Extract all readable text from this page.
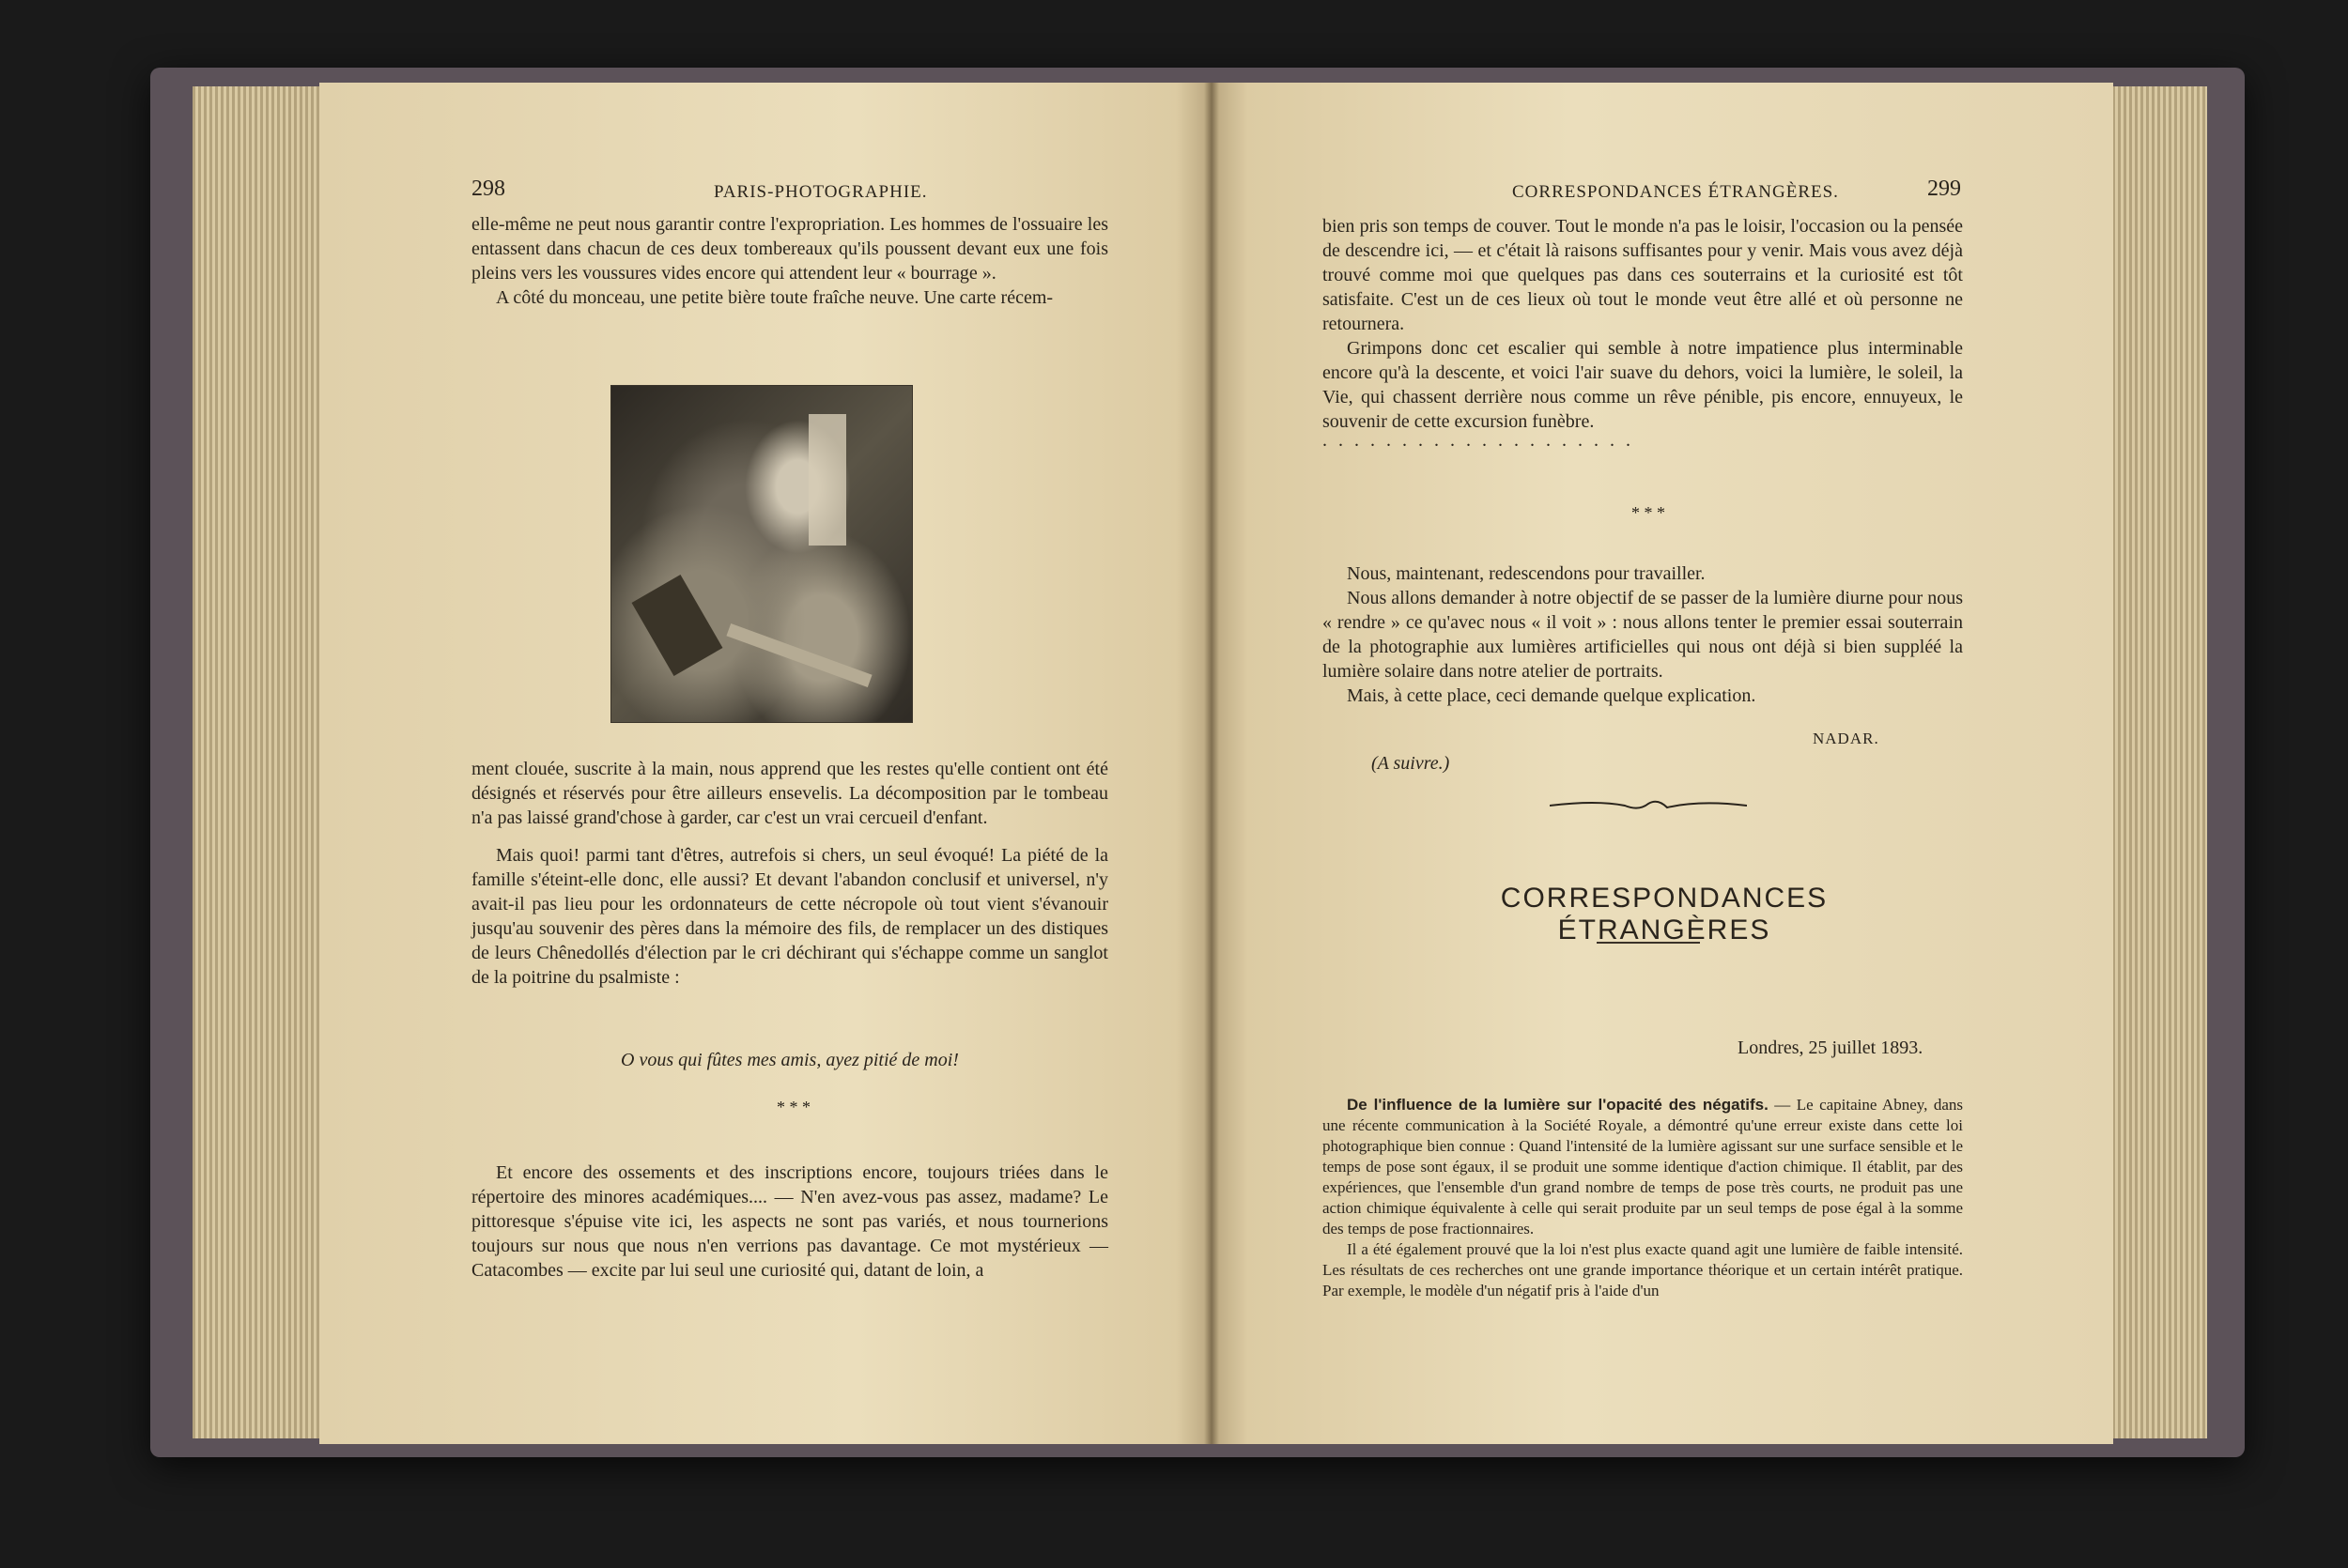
298	PARIS-PHOTOGRAPHIE.

elle-même ne peut nous garantir contre l'expropriation. Les hommes de l'ossuaire les entassent dans chacun de ces deux tombereaux qu'ils poussent devant eux une fois pleins vers les voussures vides encore qui attendent leur « bourrage ».

A côté du monceau, une petite bière toute fraîche neuve. Une carte récem-

ment clouée, suscrite à la main, nous apprend que les restes qu'elle contient ont été désignés et réservés pour être ailleurs ensevelis. La décomposition par le tombeau n'a pas laissé grand'chose à garder, car c'est un vrai cercueil d'enfant.

Mais quoi! parmi tant d'êtres, autrefois si chers, un seul évoqué! La piété de la famille s'éteint-elle donc, elle aussi? Et devant l'abandon conclusif et universel, n'y avait-il pas lieu pour les ordonnateurs de cette nécropole où tout vient s'évanouir jusqu'au souvenir des pères dans la mémoire des fils, de remplacer un des distiques de leurs Chênedollés d'élection par le cri déchirant qui s'échappe comme un sanglot de la poitrine du psalmiste :

O vous qui fûtes mes amis, ayez pitié de moi!
* * *

Et encore des ossements et des inscriptions encore, toujours triées dans le répertoire des minores académiques.... — N'en avez-vous pas assez, madame? Le pittoresque s'épuise vite ici, les aspects ne sont pas variés, et nous tournerions toujours sur nous que nous n'en verrions pas davantage. Ce mot mystérieux — Catacombes — excite par lui seul une curiosité qui, datant de loin, a

CORRESPONDANCES ÉTRANGÈRES.	299

bien pris son temps de couver. Tout le monde n'a pas le loisir, l'occasion ou la pensée de descendre ici, — et c'était là raisons suffisantes pour y venir. Mais vous avez déjà trouvé comme moi que quelques pas dans ces souterrains et la curiosité est tôt satisfaite. C'est un de ces lieux où tout le monde veut être allé et où personne ne retournera.

Grimpons donc cet escalier qui semble à notre impatience plus interminable encore qu'à la descente, et voici l'air suave du dehors, voici la lumière, le soleil, la Vie, qui chassent derrière nous comme un rêve pénible, pis encore, ennuyeux, le souvenir de cette excursion funèbre.

....................
* * *

Nous, maintenant, redescendons pour travailler.

Nous allons demander à notre objectif de se passer de la lumière diurne pour nous « rendre » ce qu'avec nous « il voit » : nous allons tenter le premier essai souterrain de la photographie aux lumières artificielles qui nous ont déjà si bien suppléé la lumière solaire dans notre atelier de portraits.

Mais, à cette place, ceci demande quelque explication.

NADAR.
(A suivre.)
Londres, 25 juillet 1893.

De l'influence de la lumière sur l'opacité des négatifs. — Le capitaine Abney, dans une récente communication à la Société Royale, a démontré qu'une erreur existe dans cette loi photographique bien connue : Quand l'intensité de la lumière agissant sur une surface sensible et le temps de pose sont égaux, il se produit une somme identique d'action chimique. Il établit, par des expériences, que l'ensemble d'un grand nombre de temps de pose très courts, ne produit pas une action chimique équivalente à celle qui serait produite par un seul temps de pose égal à la somme des temps de pose fractionnaires.

Il a été également prouvé que la loi n'est plus exacte quand agit une lumière de faible intensité. Les résultats de ces recherches ont une grande importance théorique et un certain intérêt pratique. Par exemple, le modèle d'un négatif pris à l'aide d'un

CORRESPONDANCES ÉTRANGÈRES
